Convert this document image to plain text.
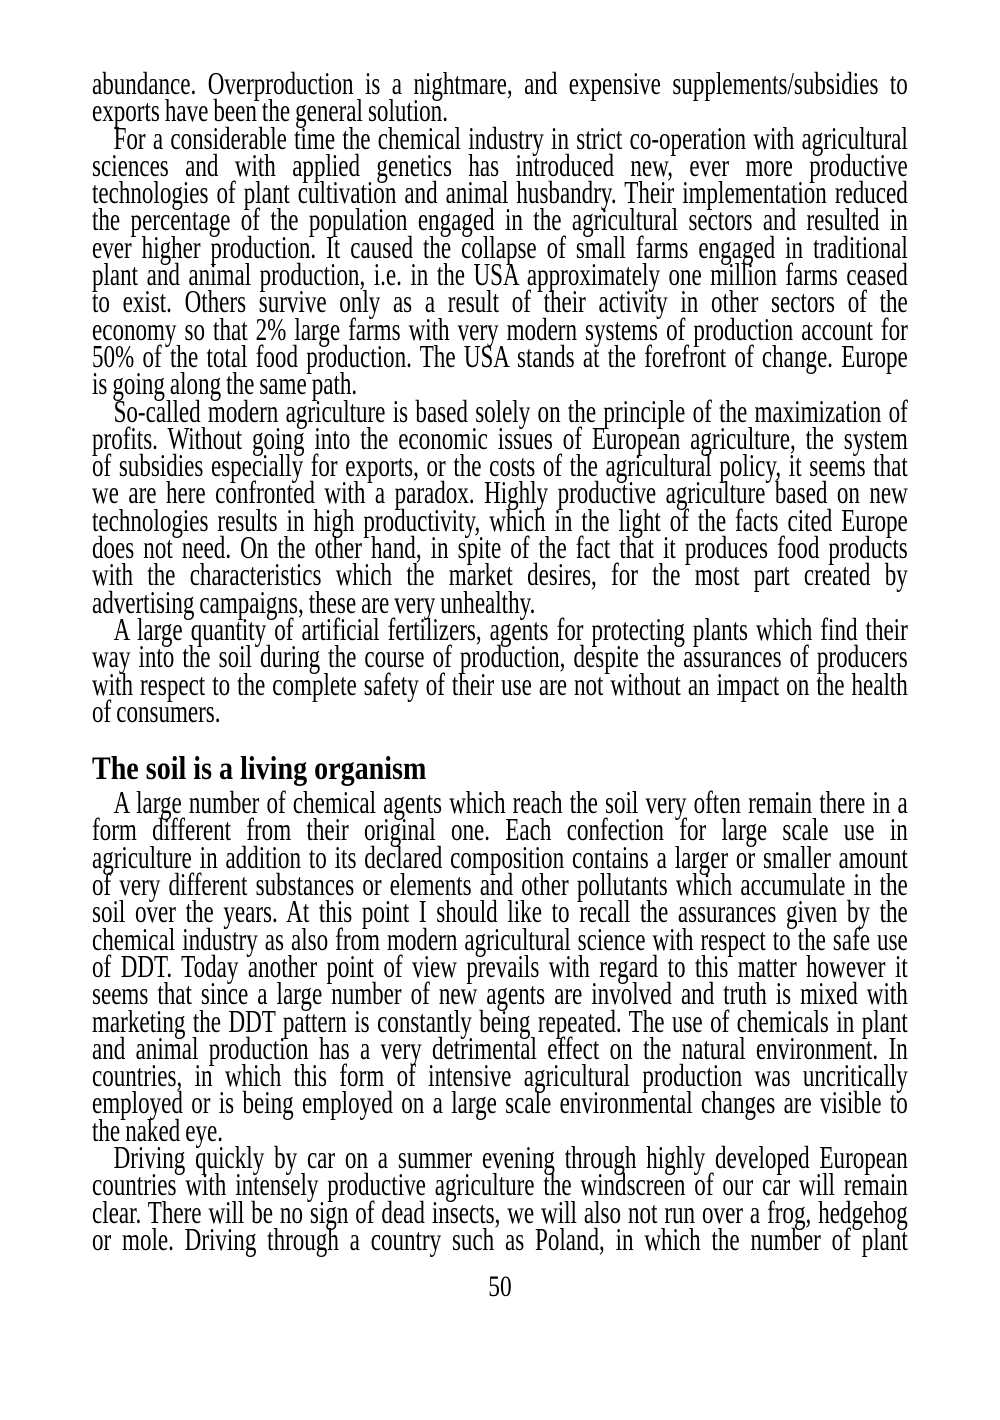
abundance. Overproduction is a nightmare, and expensive supplements/subsidies to
exports have been the general solution.
For a considerable time the chemical industry in strict co-operation with agricultural
sciences and with applied genetics has introduced new, ever more productive
technologies of plant cultivation and animal husbandry. Their implementation reduced
the percentage of the population engaged in the agricultural sectors and resulted in
ever higher production. It caused the collapse of small farms engaged in traditional
plant and animal production, i.e. in the USA approximately one million farms ceased
to exist. Others survive only as a result of their activity in other sectors of the
economy so that 2% large farms with very modern systems of production account for
50% of the total food production. The USA stands at the forefront of change. Europe
is going along the same path.
So-called modern agriculture is based solely on the principle of the maximization of
profits. Without going into the economic issues of European agriculture, the system
of subsidies especially for exports, or the costs of the agricultural policy, it seems that
we are here confronted with a paradox. Highly productive agriculture based on new
technologies results in high productivity, which in the light of the facts cited Europe
does not need. On the other hand, in spite of the fact that it produces food products
with the characteristics which the market desires, for the most part created by
advertising campaigns, these are very unhealthy.
A large quantity of artificial fertilizers, agents for protecting plants which find their
way into the soil during the course of production, despite the assurances of producers
with respect to the complete safety of their use are not without an impact on the health
of consumers.
The soil is a living organism
A large number of chemical agents which reach the soil very often remain there in a
form different from their original one. Each confection for large scale use in
agriculture in addition to its declared composition contains a larger or smaller amount
of very different substances or elements and other pollutants which accumulate in the
soil over the years. At this point I should like to recall the assurances given by the
chemical industry as also from modern agricultural science with respect to the safe use
of DDT. Today another point of view prevails with regard to this matter however it
seems that since a large number of new agents are involved and truth is mixed with
marketing the DDT pattern is constantly being repeated. The use of chemicals in plant
and animal production has a very detrimental effect on the natural environment. In
countries, in which this form of intensive agricultural production was uncritically
employed or is being employed on a large scale environmental changes are visible to
the naked eye.
Driving quickly by car on a summer evening through highly developed European
countries with intensely productive agriculture the windscreen of our car will remain
clear. There will be no sign of dead insects, we will also not run over a frog, hedgehog
or mole. Driving through a country such as Poland, in which the number of plant
50
